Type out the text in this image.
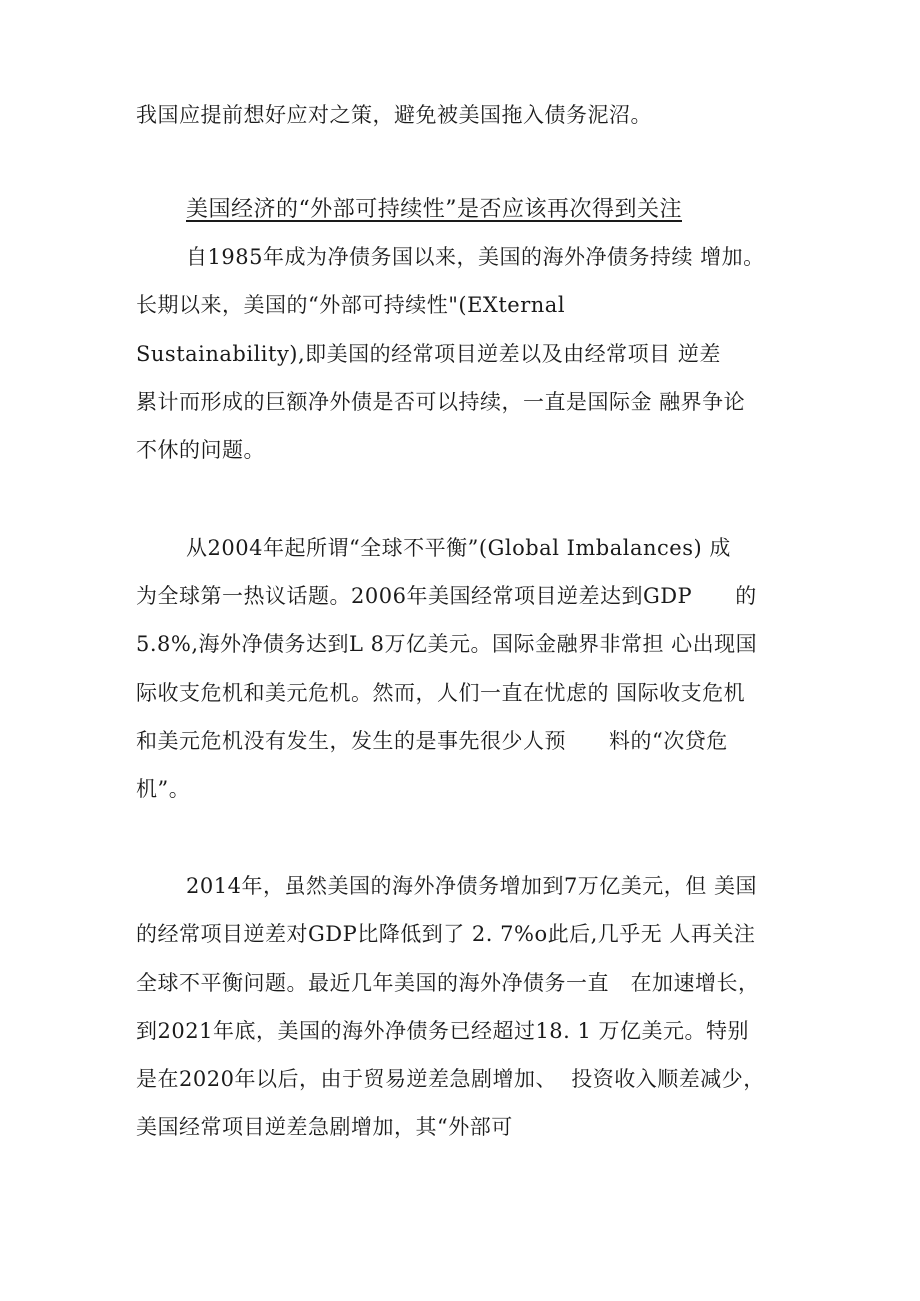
我国应提前想好应对之策，避免被美国拖入债务泥沼。
美国经济的“外部可持续性”是否应该再次得到关注
自1985年成为净债务国以来，美国的海外净债务持续 增加。
长期以来，美国的“外部可持续性"(EXternal
Sustainability),即美国的经常项目逆差以及由经常项目 逆差
累计而形成的巨额净外债是否可以持续，一直是国际金 融界争论
不休的问题。
从2004年起所谓“全球不平衡”(Global Imbalances) 成
为全球第一热议话题。2006年美国经常项目逆差达到GDP      的
5.8%,海外净债务达到L 8万亿美元。国际金融界非常担 心出现国
际收支危机和美元危机。然而，人们一直在忧虑的 国际收支危机
和美元危机没有发生，发生的是事先很少人预      料的“次贷危
机”。
2014年，虽然美国的海外净债务增加到7万亿美元，但 美国
的经常项目逆差对GDP比降低到了 2. 7%o此后,几乎无 人再关注
全球不平衡问题。最近几年美国的海外净债务一直   在加速增长，
到2021年底，美国的海外净债务已经超过18. 1 万亿美元。特别
是在2020年以后，由于贸易逆差急剧增加、  投资收入顺差减少，
美国经常项目逆差急剧增加，其“外部可
